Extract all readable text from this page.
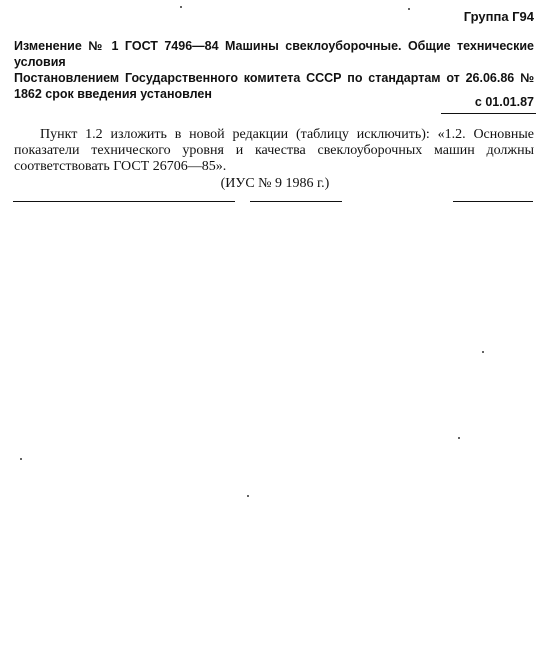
Группа Г94
Изменение № 1 ГОСТ 7496—84 Машины свеклоуборочные. Общие технические условия
Постановлением Государственного комитета СССР по стандартам от 26.06.86 № 1862 срок введения установлен
с 01.01.87
Пункт 1.2 изложить в новой редакции (таблицу исключить): «1.2. Основные показатели технического уровня и качества свеклоуборочных машин должны соответствовать ГОСТ 26706—85».
(ИУС № 9 1986 г.)
